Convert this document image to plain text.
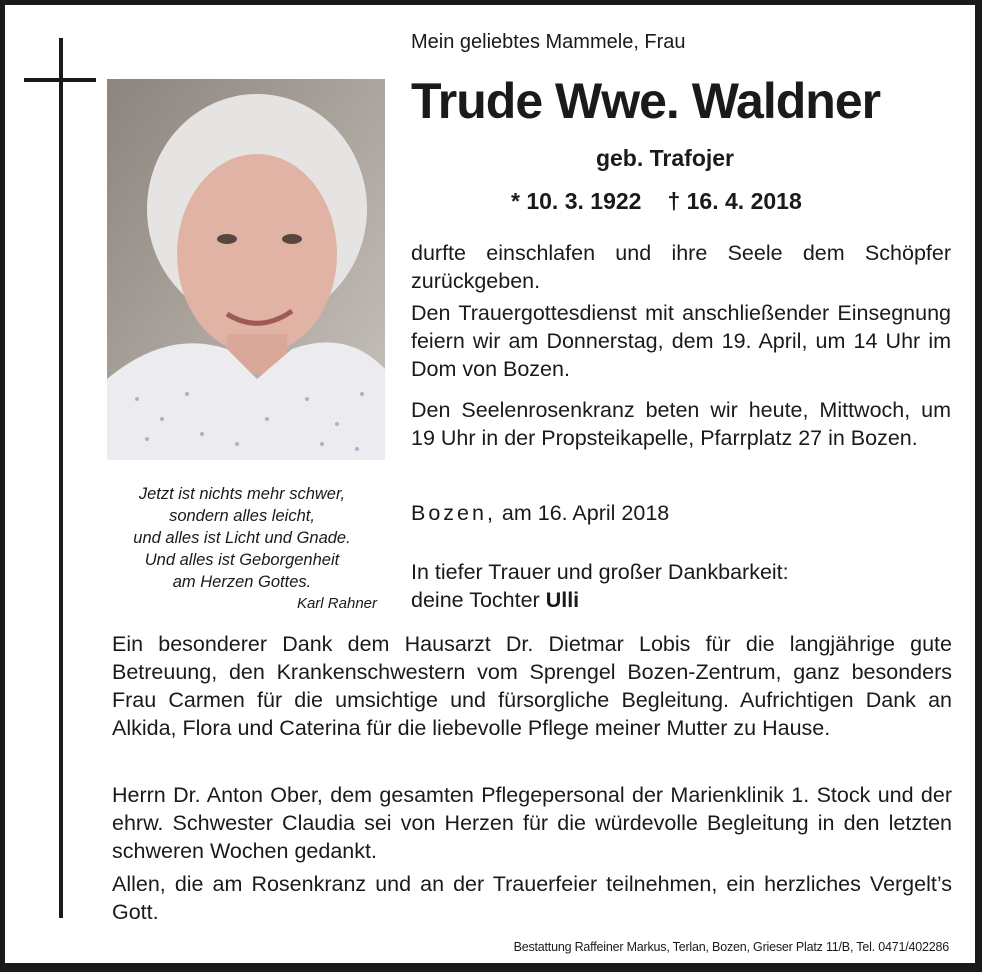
Jetzt ist nichts mehr schwer,
sondern alles leicht,
und alles ist Licht und Gnade.
Und alles ist Geborgenheit
am Herzen Gottes.
Karl Rahner
Mein geliebtes Mammele, Frau
Trude Wwe. Waldner
geb. Trafojer
* 10. 3. 1922 † 16. 4. 2018

durfte einschlafen und ihre Seele dem Schöpfer zurückgeben.

Den Trauergottesdienst mit anschließender Einsegnung feiern wir am Donnerstag, dem 19. April, um 14 Uhr im Dom von Bozen.

Den Seelenrosenkranz beten wir heute, Mittwoch, um 19 Uhr in der Propsteikapelle, Pfarrplatz 27 in Bozen.

Bozen, am 16. April 2018
In tiefer Trauer und großer Dankbarkeit:
deine Tochter Ulli

Ein besonderer Dank dem Hausarzt Dr. Dietmar Lobis für die langjährige gute Betreuung, den Krankenschwestern vom Sprengel Bozen-Zentrum, ganz besonders Frau Carmen für die umsichtige und fürsorgliche Begleitung. Aufrichtigen Dank an Alkida, Flora und Caterina für die liebevolle Pflege meiner Mutter zu Hause.

Herrn Dr. Anton Ober, dem gesamten Pflegepersonal der Marienklinik 1. Stock und der ehrw. Schwester Claudia sei von Herzen für die würdevolle Begleitung in den letzten schweren Wochen gedankt.

Allen, die am Rosenkranz und an der Trauerfeier teilnehmen, ein herzliches Vergelt’s Gott.

Bestattung Raffeiner Markus, Terlan, Bozen, Grieser Platz 11/B, Tel. 0471/402286
